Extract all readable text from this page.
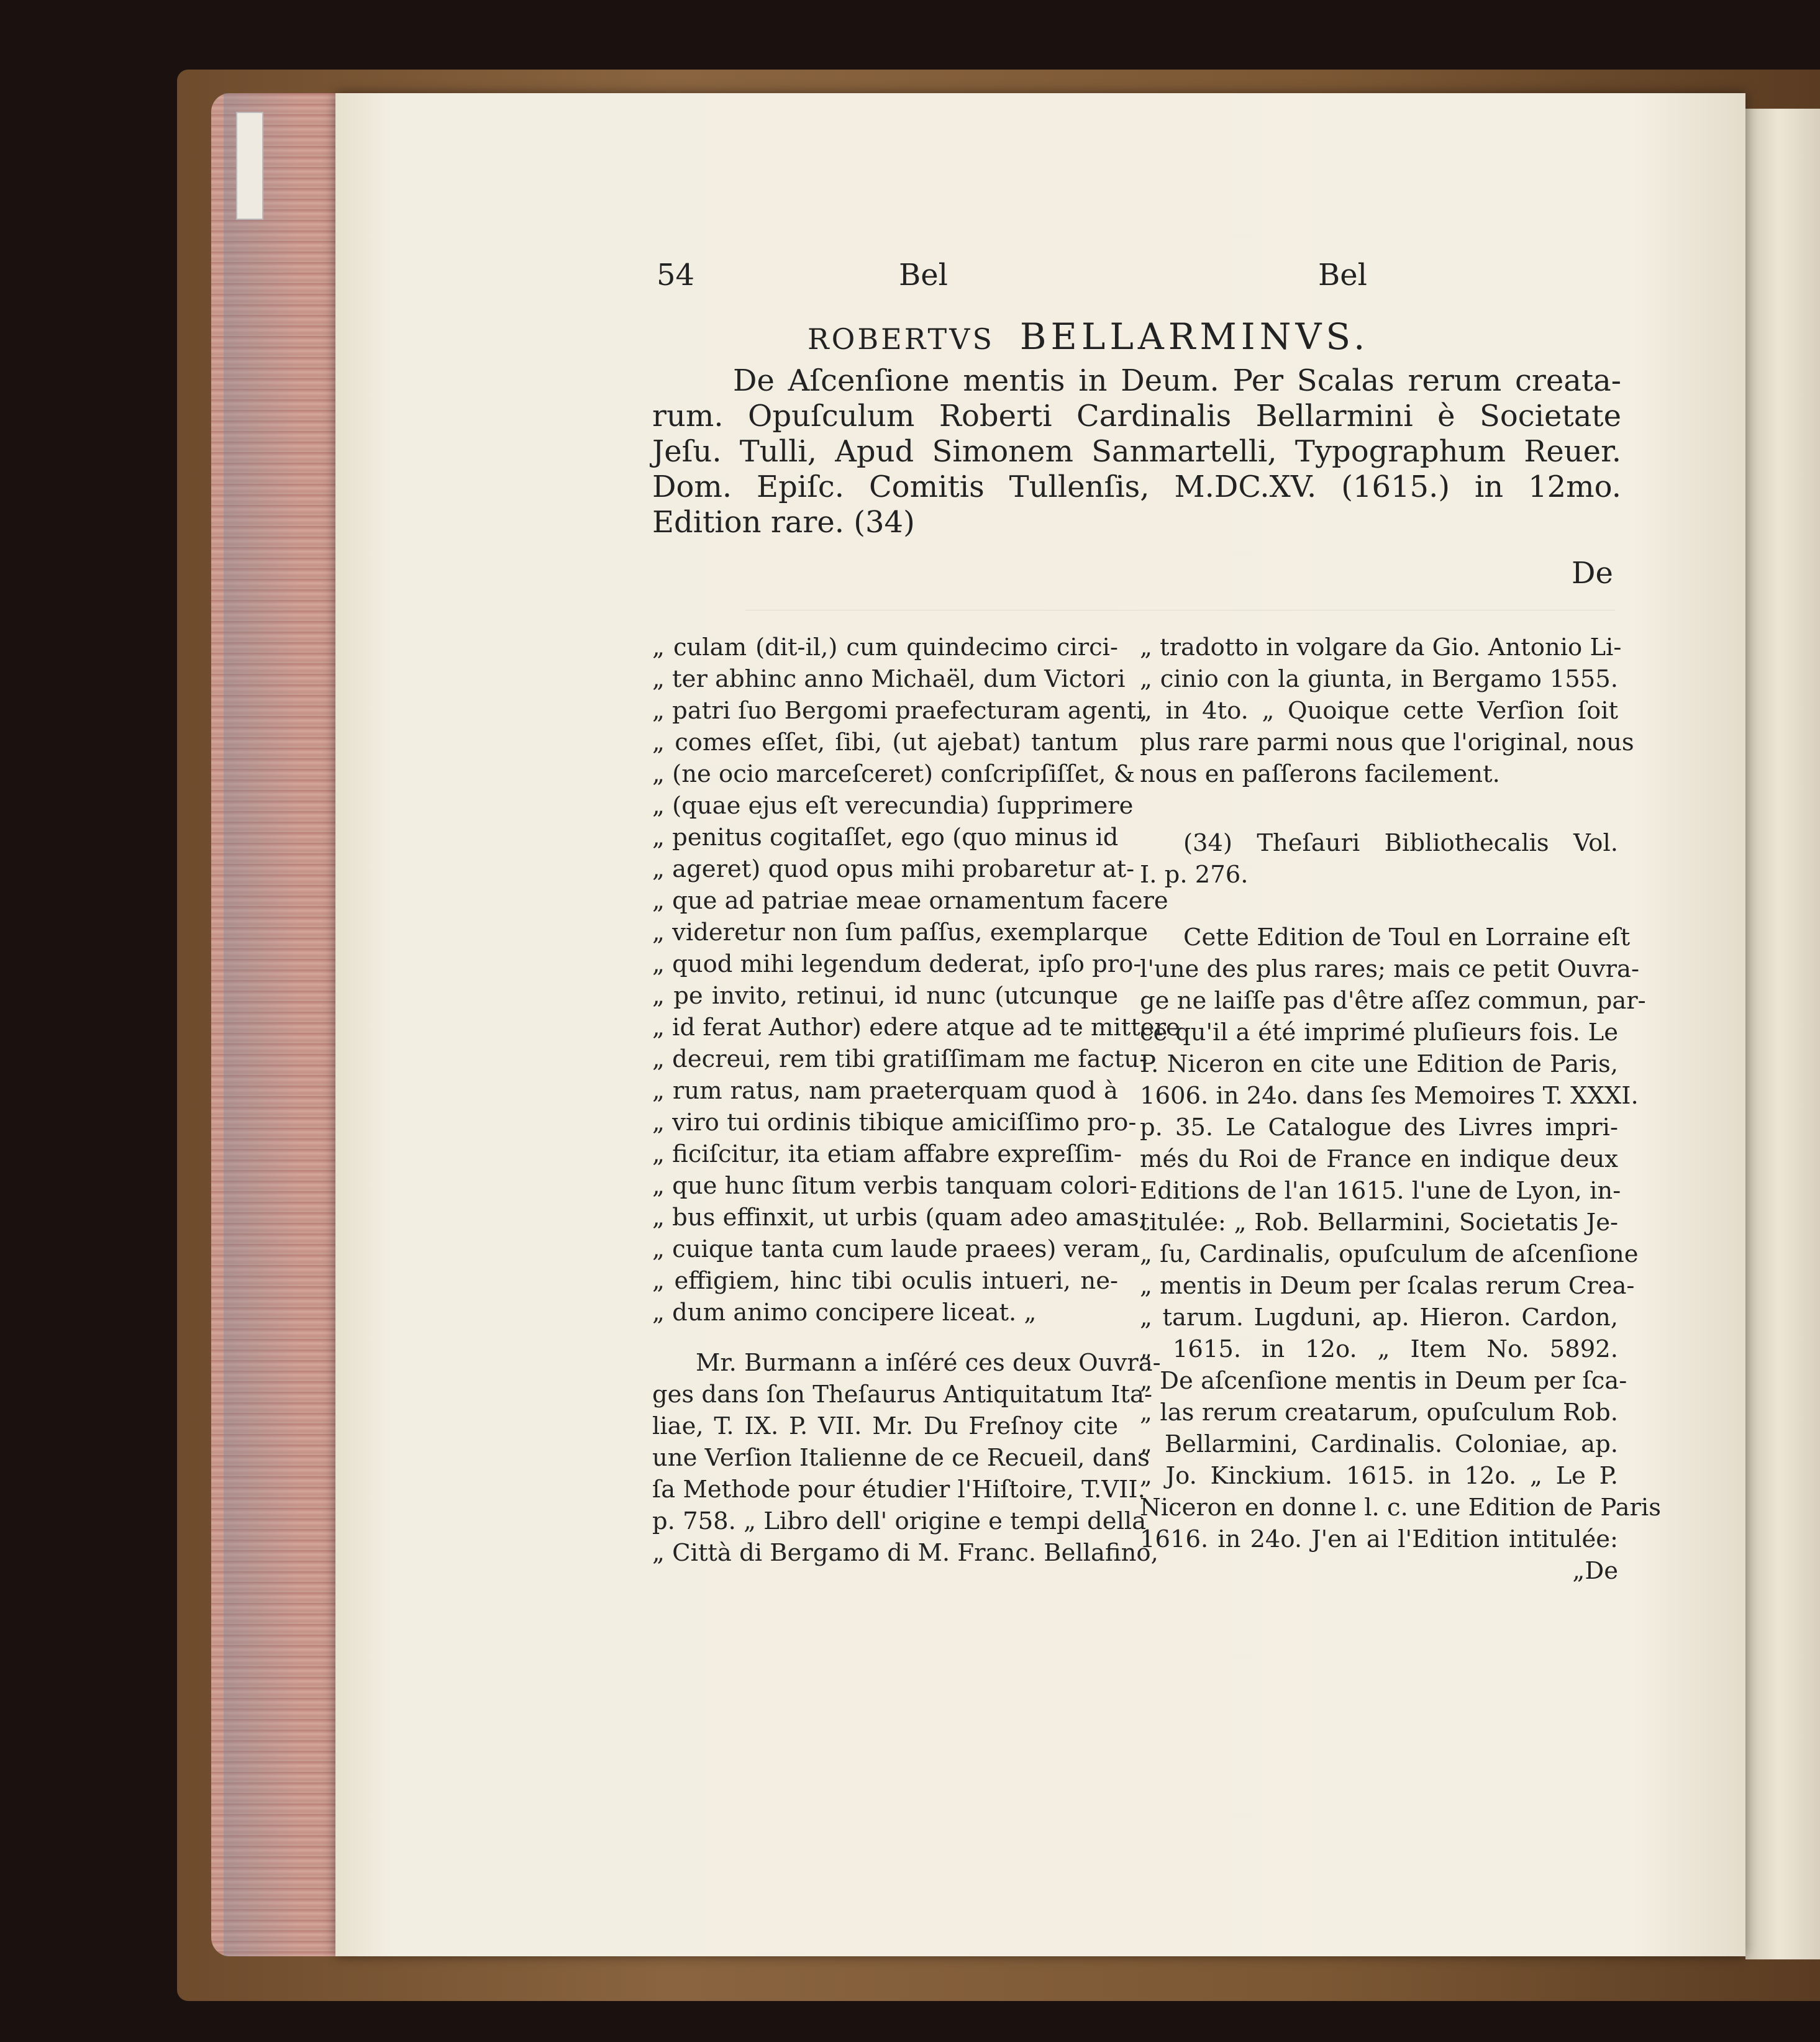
54	Bel	Bel
ROBERTVS BELLARMINVS.
De Aſcenſione mentis in Deum. Per Scalas rerum creata-
rum. Opuſculum Roberti Cardinalis Bellarmini è Societate
Jeſu. Tulli, Apud Simonem Sanmartelli, Typographum Reuer.
Dom. Epiſc. Comitis Tullenſis, M.DC.XV. (1615.) in 12mo.
Edition rare. (34)
De
„ culam (dit-il,) cum quindecimo circi-
„ ter abhinc anno Michaël, dum Victori
„ patri ſuo Bergomi praefecturam agenti
„ comes eſſet, ſibi, (ut ajebat) tantum
„ (ne ocio marceſceret) conſcripſiſſet, &
„ (quae ejus eſt verecundia) ſupprimere
„ penitus cogitaſſet, ego (quo minus id
„ ageret) quod opus mihi probaretur at-
„ que ad patriae meae ornamentum facere
„ videretur non ſum paſſus, exemplarque
„ quod mihi legendum dederat, ipſo pro-
„ pe invito, retinui, id nunc (utcunque
„ id ferat Author) edere atque ad te mittere
„ decreui, rem tibi gratiſſimam me factu-
„ rum ratus, nam praeterquam quod à
„ viro tui ordinis tibique amiciſſimo pro-
„ ficiſcitur, ita etiam affabre expreſſim-
„ que hunc ſitum verbis tanquam colori-
„ bus effinxit, ut urbis (quam adeo amas,
„ cuique tanta cum laude praees) veram
„ effigiem, hinc tibi oculis intueri, ne-
„ dum animo concipere liceat. „
Mr. Burmann a inſéré ces deux Ouvra-
ges dans ſon Theſaurus Antiquitatum Ita-
liae, T. IX. P. VII. Mr. Du Freſnoy cite
une Verſion Italienne de ce Recueil, dans
ſa Methode pour étudier l'Hiſtoire, T.VII.
p. 758. „ Libro dell' origine e tempi della
„ Città di Bergamo di M. Franc. Bellafino,
„ tradotto in volgare da Gio. Antonio Li-
„ cinio con la giunta, in Bergamo 1555.
„ in 4to. „ Quoique cette Verſion ſoit
plus rare parmi nous que l'original, nous
nous en paſſerons facilement.
(34) Theſauri Bibliothecalis Vol.
I. p. 276.
Cette Edition de Toul en Lorraine eſt
l'une des plus rares; mais ce petit Ouvra-
ge ne laiſſe pas d'être aſſez commun, par-
ce qu'il a été imprimé pluſieurs fois. Le
P. Niceron en cite une Edition de Paris,
1606. in 24o. dans ſes Memoires T. XXXI.
p. 35. Le Catalogue des Livres impri-
més du Roi de France en indique deux
Editions de l'an 1615. l'une de Lyon, in-
titulée: „ Rob. Bellarmini, Societatis Je-
„ ſu, Cardinalis, opuſculum de aſcenſione
„ mentis in Deum per ſcalas rerum Crea-
„ tarum. Lugduni, ap. Hieron. Cardon,
„ 1615. in 12o. „ Item No. 5892.
„ De aſcenſione mentis in Deum per ſca-
„ las rerum creatarum, opuſculum Rob.
„ Bellarmini, Cardinalis. Coloniae, ap.
„ Jo. Kinckium. 1615. in 12o. „ Le P.
Niceron en donne l. c. une Edition de Paris
1616. in 24o. J'en ai l'Edition intitulée:
„De
